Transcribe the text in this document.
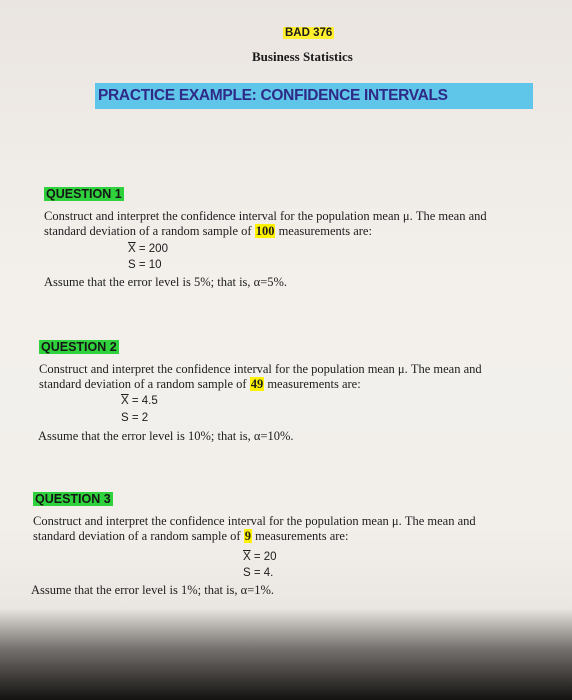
BAD 376
Business Statistics
PRACTICE EXAMPLE: CONFIDENCE INTERVALS
QUESTION 1
Construct and interpret the confidence interval for the population mean μ. The mean and
standard deviation of a random sample of 100 measurements are:
$\overline{X} = 200$
S = 10
Assume that the error level is 5%; that is, α=5%.
QUESTION 2
Construct and interpret the confidence interval for the population mean μ. The mean and
standard deviation of a random sample of 49 measurements are:
$\overline{X} = 4.5$
S = 2
Assume that the error level is 10%; that is, α=10%.
QUESTION 3
Construct and interpret the confidence interval for the population mean μ. The mean and
standard deviation of a random sample of 9 measurements are:
$\overline{X} = 20$
S = 4.
Assume that the error level is 1%; that is, α=1%.
